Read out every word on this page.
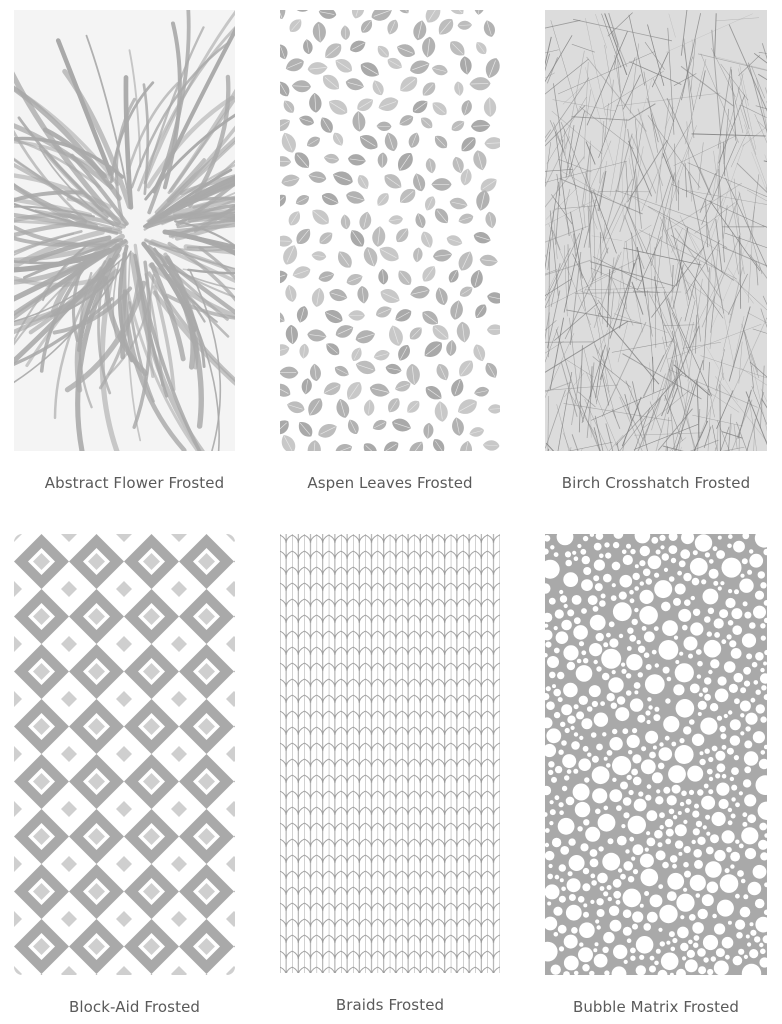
Abstract Flower Frosted	Aspen Leaves Frosted	Birch Crosshatch Frosted
Block-Aid Frosted	Braids Frosted	Bubble Matrix Frosted
